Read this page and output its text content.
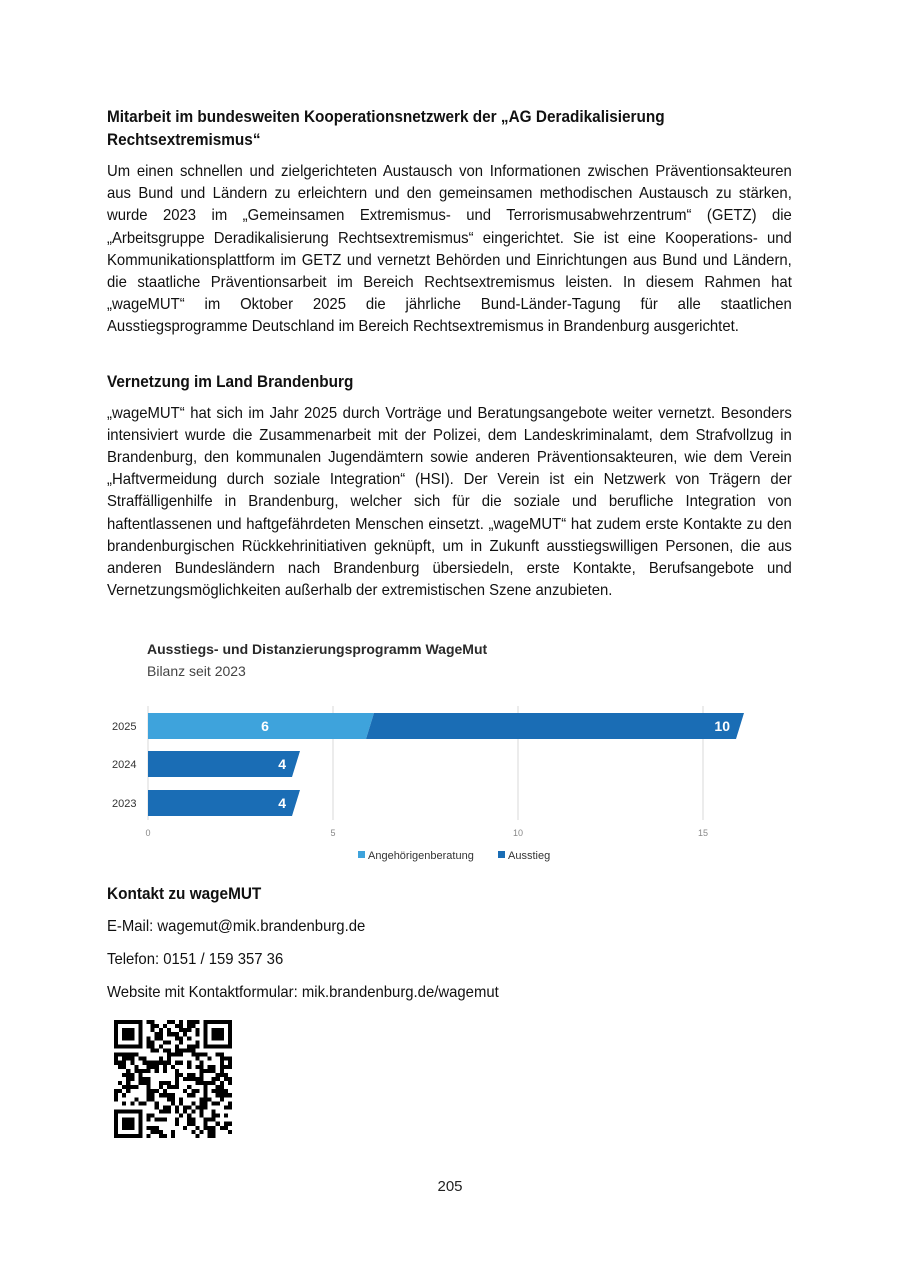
Mitarbeit im bundesweiten Kooperationsnetzwerk der „AG Deradikalisierung Rechtsextremismus“

Um einen schnellen und zielgerichteten Austausch von Informationen zwischen Präventionsakteuren aus Bund und Ländern zu erleichtern und den gemeinsamen methodischen Austausch zu stärken, wurde 2023 im „Gemeinsamen Extremismus- und Terrorismusabwehrzentrum“ (GETZ) die „Arbeitsgruppe Deradikalisierung Rechtsextremismus“ eingerichtet. Sie ist eine Kooperations- und Kommunikationsplattform im GETZ und vernetzt Behörden und Einrichtungen aus Bund und Ländern, die staatliche Präventionsarbeit im Bereich Rechtsextremismus leisten. In diesem Rahmen hat „wageMUT“ im Oktober 2025 die jährliche Bund-Länder-Tagung für alle staatlichen Ausstiegsprogramme Deutschland im Bereich Rechtsextremismus in Brandenburg ausgerichtet.

Vernetzung im Land Brandenburg

„wageMUT“ hat sich im Jahr 2025 durch Vorträge und Beratungsangebote weiter vernetzt. Besonders intensiviert wurde die Zusammenarbeit mit der Polizei, dem Landeskriminalamt, dem Strafvollzug in Brandenburg, den kommunalen Jugendämtern sowie anderen Präventionsakteuren, wie dem Verein „Haftvermeidung durch soziale Integration“ (HSI). Der Verein ist ein Netzwerk von Trägern der Straffälligenhilfe in Brandenburg, welcher sich für die soziale und berufliche Integration von haftentlassenen und haftgefährdeten Menschen einsetzt. „wageMUT“ hat zudem erste Kontakte zu den brandenburgischen Rückkehrinitiativen geknüpft, um in Zukunft ausstiegswilligen Personen, die aus anderen Bundesländern nach Brandenburg übersiedeln, erste Kontakte, Berufsangebote und Vernetzungsmöglichkeiten außerhalb der extremistischen Szene anzubieten.

Ausstiegs- und Distanzierungsprogramm WageMut
Bilanz seit 2023
0	5	10	15
2025	6	10
2024	4
2023	4
Angehörigenberatung	Ausstieg
Kontakt zu wageMUT
E-Mail: wagemut@mik.brandenburg.de
Telefon: 0151 / 159 357 36
Website mit Kontaktformular: mik.brandenburg.de/wagemut
205
